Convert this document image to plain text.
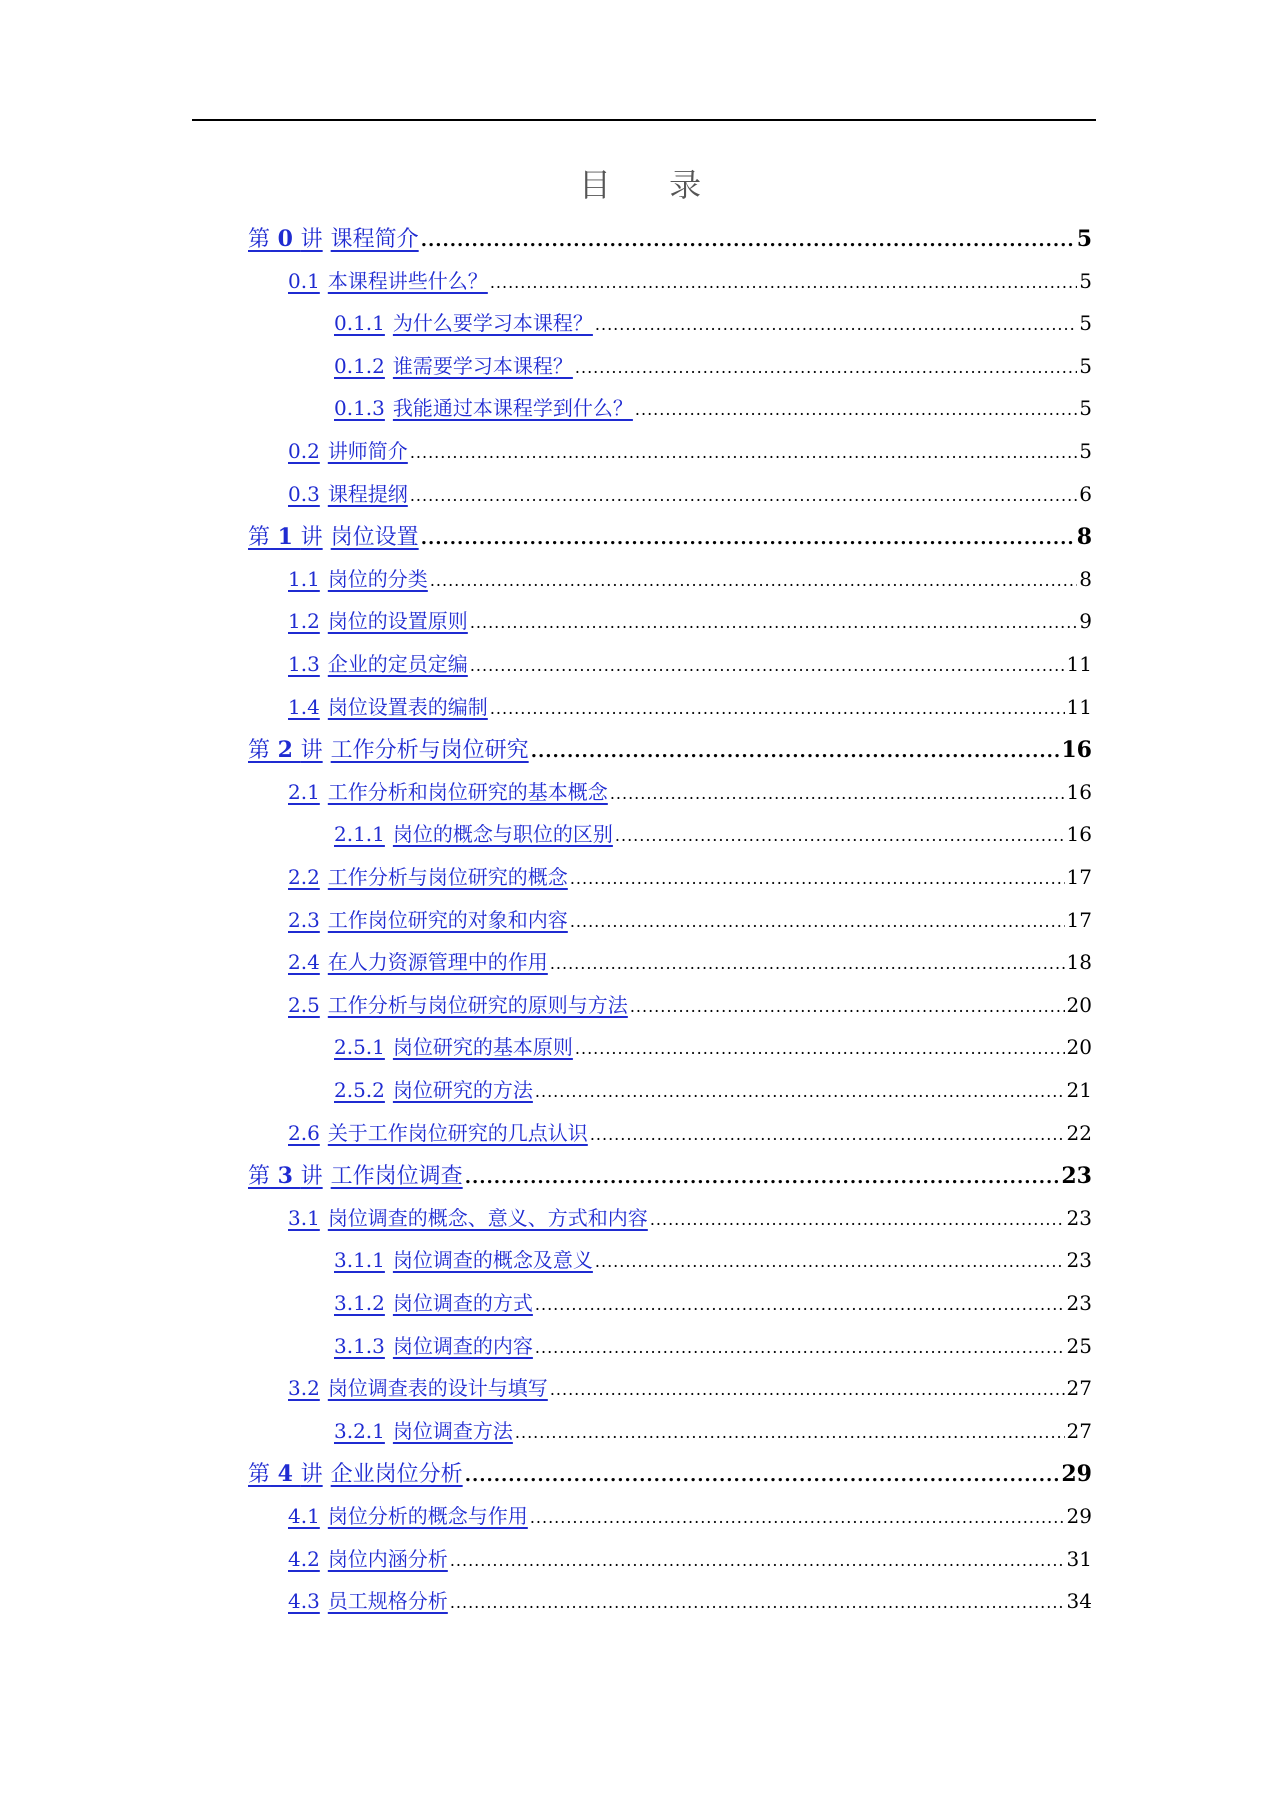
目 录
第 0 讲 课程简介 .....	5
0.1 本课程讲些什么？ .....	5
0.1.1 为什么要学习本课程？ .....	5
0.1.2 谁需要学习本课程？ .....	5
0.1.3 我能通过本课程学到什么？ .....	5
0.2 讲师简介 .....	5
0.3 课程提纲 .....	6
第 1 讲 岗位设置 .....	8
1.1 岗位的分类 .....	8
1.2 岗位的设置原则 .....	9
1.3 企业的定员定编 .....	11
1.4 岗位设置表的编制 .....	11
第 2 讲 工作分析与岗位研究 .....	16
2.1 工作分析和岗位研究的基本概念 .....	16
2.1.1 岗位的概念与职位的区别 .....	16
2.2 工作分析与岗位研究的概念 .....	17
2.3 工作岗位研究的对象和内容 .....	17
2.4 在人力资源管理中的作用 .....	18
2.5 工作分析与岗位研究的原则与方法 .....	20
2.5.1 岗位研究的基本原则 .....	20
2.5.2 岗位研究的方法 .....	21
2.6 关于工作岗位研究的几点认识 .....	22
第 3 讲 工作岗位调查 .....	23
3.1 岗位调查的概念、意义、方式和内容 .....	23
3.1.1 岗位调查的概念及意义 .....	23
3.1.2 岗位调查的方式 .....	23
3.1.3 岗位调查的内容 .....	25
3.2 岗位调查表的设计与填写 .....	27
3.2.1 岗位调查方法 .....	27
第 4 讲 企业岗位分析 .....	29
4.1 岗位分析的概念与作用 .....	29
4.2 岗位内涵分析 .....	31
4.3 员工规格分析 .....	34
